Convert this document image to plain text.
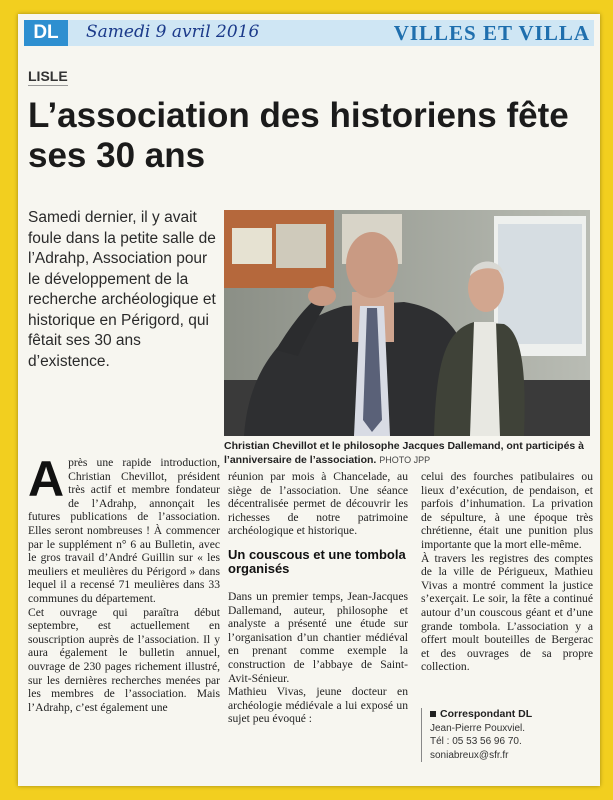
DL	Samedi 9 avril 2016	VILLES ET VILLA
LISLE
L’association des historiens fête ses 30 ans
Samedi dernier, il y avait foule dans la petite salle de l’Adrahp, Association pour le développement de la recherche archéologique et historique en Périgord, qui fêtait ses 30 ans d’existence.
Christian Chevillot et le philosophe Jacques Dallemand, ont participés à l’anniversaire de l’association. PHOTO JPP
A près une rapide introduction, Christian Chevillot, président très actif et membre fondateur de l’Adrahp, annonçait les futures publications de l’association. Elles seront nombreuses ! À commencer par le supplément n° 6 au Bulletin, avec le gros travail d’André Guillin sur « les meuliers et meulières du Périgord » dans lequel il a recensé 71 meulières dans 33 communes du département.

Cet ouvrage qui paraîtra début septembre, est actuellement en souscription auprès de l’association. Il y aura également le bulletin annuel, ouvrage de 230 pages richement illustré, sur les dernières recherches menées par les membres de l’association. Mais l’Adrahp, c’est également une

réunion par mois à Chancelade, au siège de l’association. Une séance décentralisée permet de découvrir les richesses de notre patrimoine archéologique et historique.

Un couscous et une tombola organisés

Dans un premier temps, Jean-Jacques Dallemand, auteur, philosophe et analyste a présenté une étude sur l’organisation d’un chantier médiéval en prenant comme exemple la construction de l’abbaye de Saint-Avit-Sénieur.

Mathieu Vivas, jeune docteur en archéologie médiévale a lui exposé un sujet peu évoqué :

celui des fourches patibulaires ou lieux d’exécution, de pendaison, et parfois d’inhumation. La privation de sépulture, à une époque très chrétienne, était une punition plus importante que la mort elle-même.

À travers les registres des comptes de la ville de Périgueux, Mathieu Vivas a montré comment la justice s’exerçait. Le soir, la fête a continué autour d’un couscous géant et d’une grande tombola. L’association y a offert moult bouteilles de Bergerac et des ouvrages de sa propre collection.

Correspondant DL
Jean-Pierre Pouxviel.
Tél : 05 53 56 96 70.
soniabreux@sfr.fr
